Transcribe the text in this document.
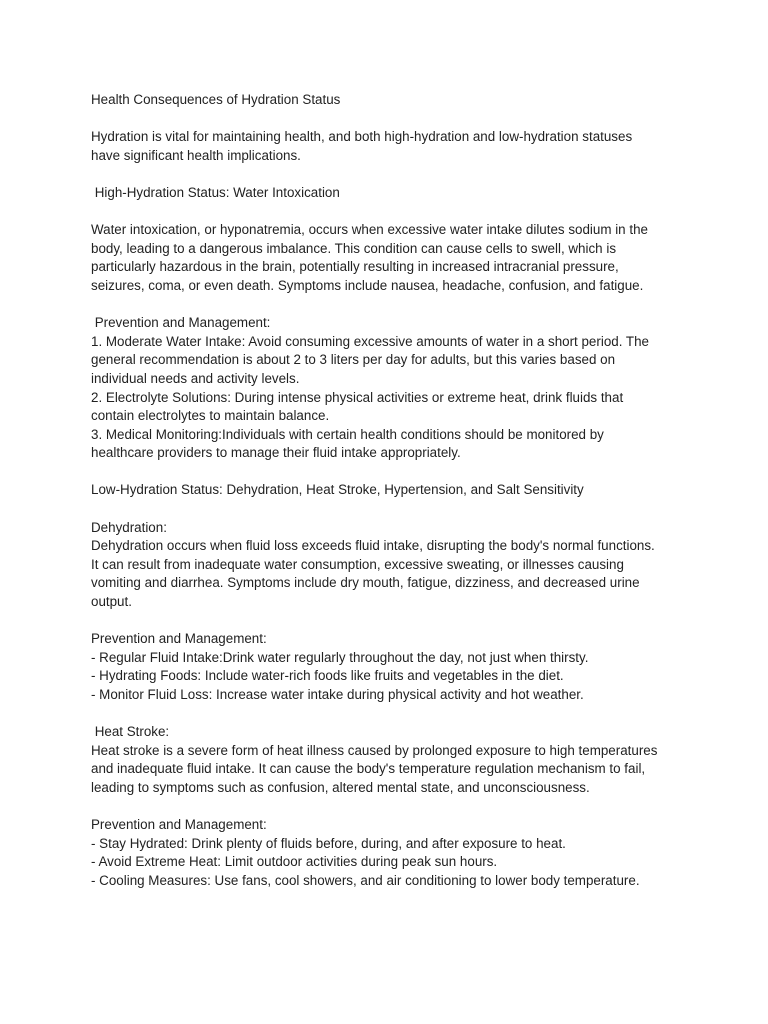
Health Consequences of Hydration Status
Hydration is vital for maintaining health, and both high-hydration and low-hydration statuses
have significant health implications.
High-Hydration Status: Water Intoxication
Water intoxication, or hyponatremia, occurs when excessive water intake dilutes sodium in the
body, leading to a dangerous imbalance. This condition can cause cells to swell, which is
particularly hazardous in the brain, potentially resulting in increased intracranial pressure,
seizures, coma, or even death. Symptoms include nausea, headache, confusion, and fatigue.
Prevention and Management:
1. Moderate Water Intake: Avoid consuming excessive amounts of water in a short period. The
general recommendation is about 2 to 3 liters per day for adults, but this varies based on
individual needs and activity levels.
2. Electrolyte Solutions: During intense physical activities or extreme heat, drink fluids that
contain electrolytes to maintain balance.
3. Medical Monitoring:Individuals with certain health conditions should be monitored by
healthcare providers to manage their fluid intake appropriately.
Low-Hydration Status: Dehydration, Heat Stroke, Hypertension, and Salt Sensitivity
Dehydration:
Dehydration occurs when fluid loss exceeds fluid intake, disrupting the body's normal functions.
It can result from inadequate water consumption, excessive sweating, or illnesses causing
vomiting and diarrhea. Symptoms include dry mouth, fatigue, dizziness, and decreased urine
output.
Prevention and Management:
- Regular Fluid Intake:Drink water regularly throughout the day, not just when thirsty.
- Hydrating Foods: Include water-rich foods like fruits and vegetables in the diet.
- Monitor Fluid Loss: Increase water intake during physical activity and hot weather.
Heat Stroke:
Heat stroke is a severe form of heat illness caused by prolonged exposure to high temperatures
and inadequate fluid intake. It can cause the body's temperature regulation mechanism to fail,
leading to symptoms such as confusion, altered mental state, and unconsciousness.
Prevention and Management:
- Stay Hydrated: Drink plenty of fluids before, during, and after exposure to heat.
- Avoid Extreme Heat: Limit outdoor activities during peak sun hours.
- Cooling Measures: Use fans, cool showers, and air conditioning to lower body temperature.
